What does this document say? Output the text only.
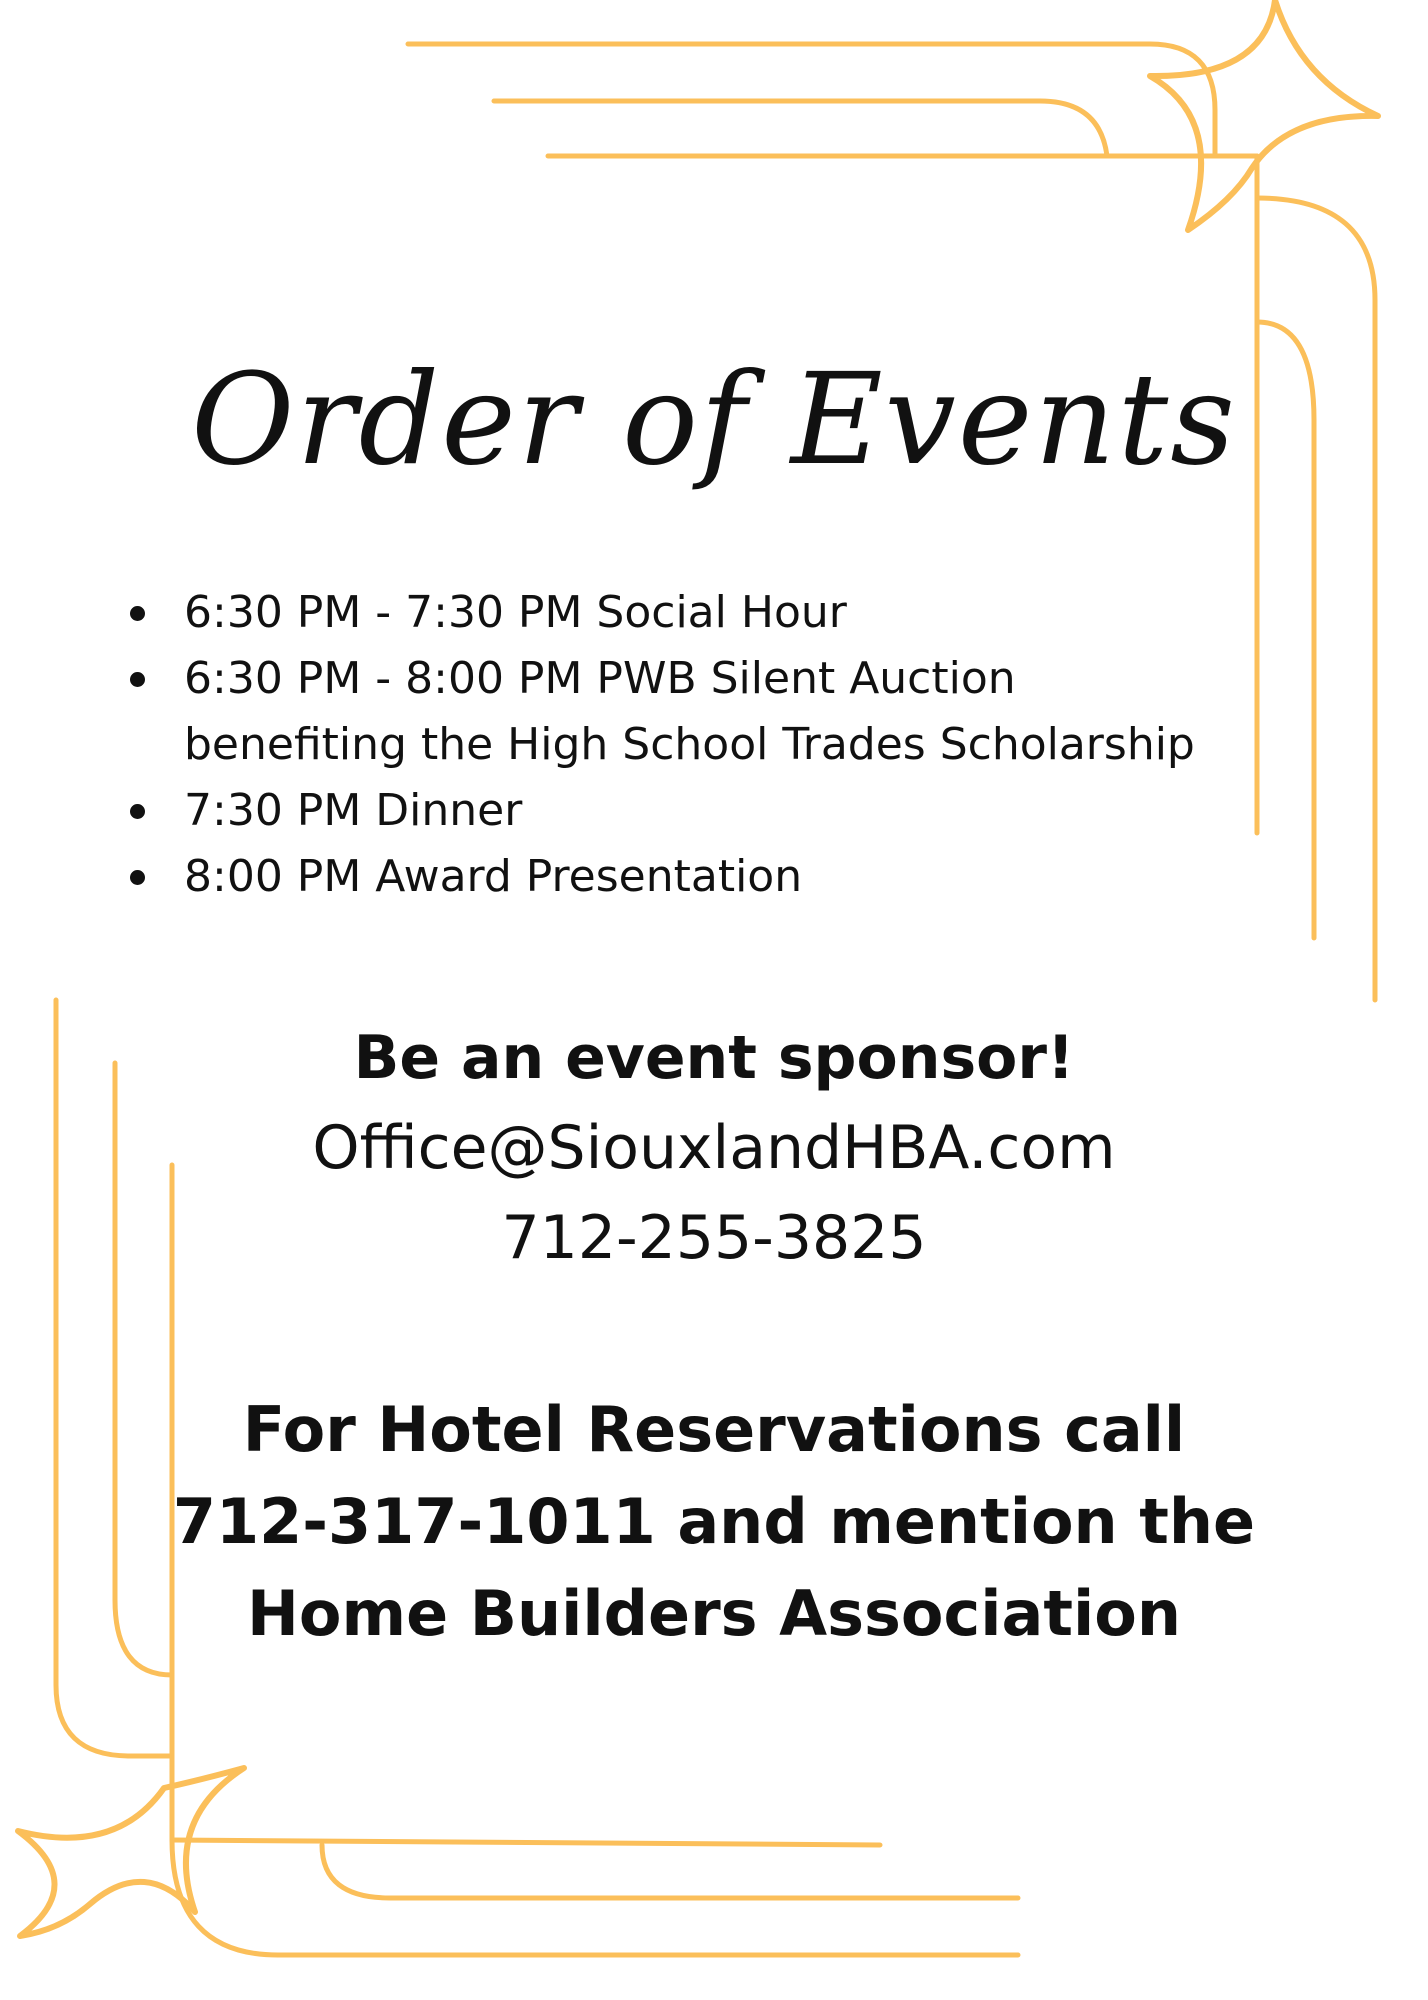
Order of Events
6:30 PM - 7:30 PM Social Hour
6:30 PM - 8:00 PM PWB Silent Auction
benefiting the High School Trades Scholarship
7:30 PM Dinner
8:00 PM Award Presentation
Be an event sponsor!
Office@SiouxlandHBA.com
712-255-3825
For Hotel Reservations call
712-317-1011 and mention the
Home Builders Association
